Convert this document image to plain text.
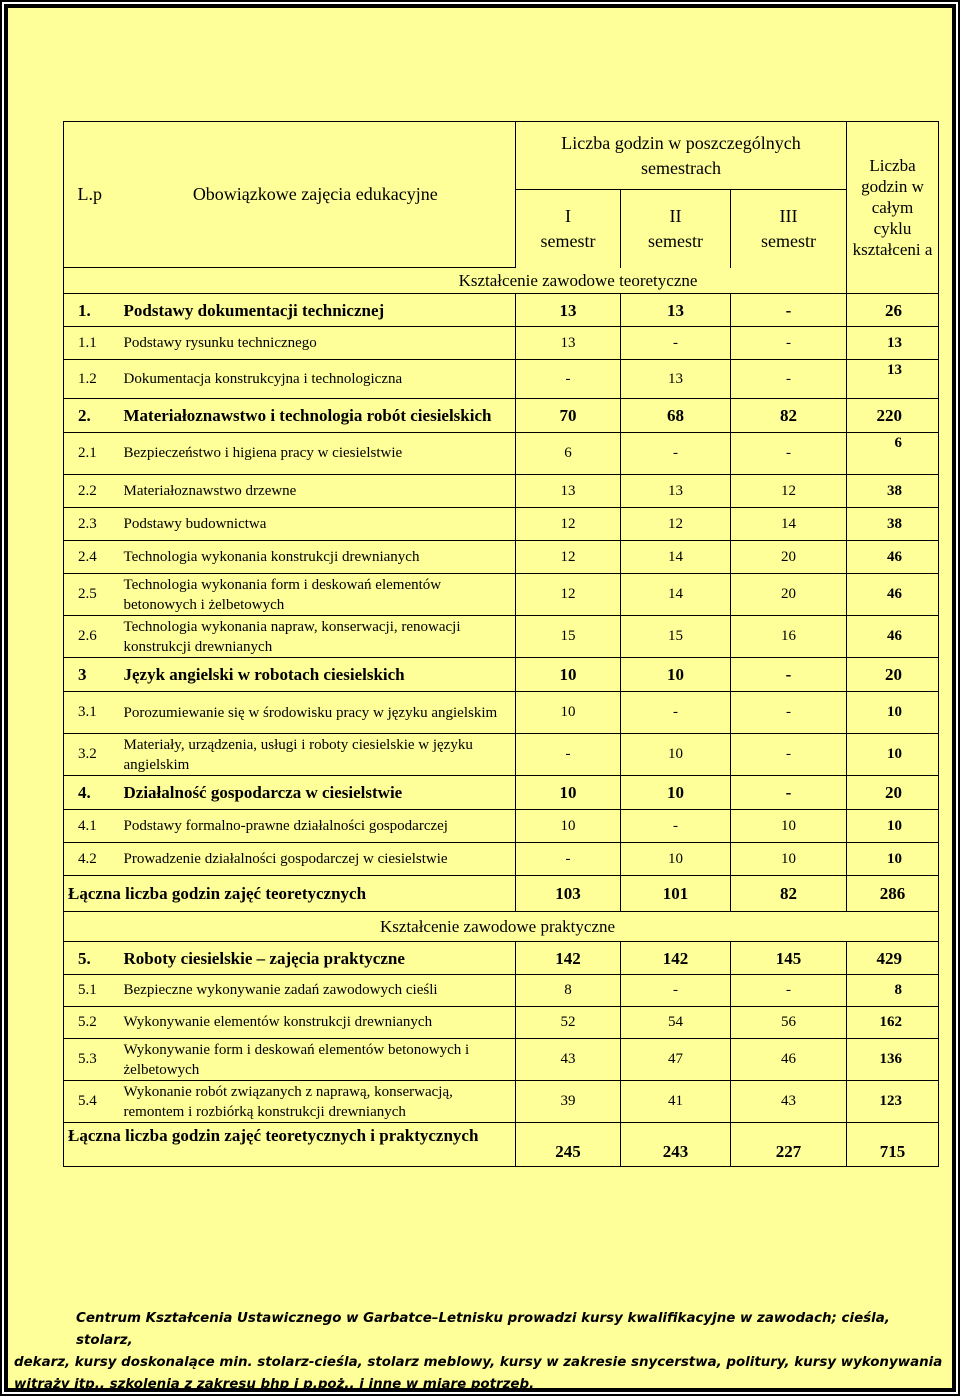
L.p	Obowiązkowe zajęcia edukacyjne	Liczba godzin w poszczególnych semestrach			Liczba godzin w całym cyklu kształceni a
		I semestr	II semestr	III semestr	
Kształcenie zawodowe teoretyczne					
1.	Podstawy dokumentacji technicznej	13	13	-	26
1.1	Podstawy rysunku technicznego	13	-	-	13
1.2	Dokumentacja konstrukcyjna i technologiczna	-	13	-	13
2.	Materiałoznawstwo i technologia robót ciesielskich	70	68	82	220
2.1	Bezpieczeństwo i higiena pracy w ciesielstwie	6	-	-	6
2.2	Materiałoznawstwo drzewne	13	13	12	38
2.3	Podstawy budownictwa	12	12	14	38
2.4	Technologia wykonania konstrukcji drewnianych	12	14	20	46
2.5	Technologia wykonania form i deskowań elementów betonowych i żelbetowych	12	14	20	46
2.6	Technologia wykonania napraw, konserwacji, renowacji konstrukcji drewnianych	15	15	16	46
3	Język angielski w robotach ciesielskich	10	10	-	20
3.1	Porozumiewanie się w środowisku pracy w języku angielskim	10	-	-	10
3.2	Materiały, urządzenia, usługi i roboty ciesielskie w języku angielskim	-	10	-	10
4.	Działalność gospodarcza w ciesielstwie	10	10	-	20
4.1	Podstawy formalno-prawne działalności gospodarczej	10	-	10	10
4.2	Prowadzenie działalności gospodarczej w ciesielstwie	-	10	10	10
Łączna liczba godzin zajęć teoretycznych		103	101	82	286
Kształcenie zawodowe praktyczne					
5.	Roboty ciesielskie – zajęcia praktyczne	142	142	145	429
5.1	Bezpieczne wykonywanie zadań zawodowych cieśli	8	-	-	8
5.2	Wykonywanie elementów konstrukcji drewnianych	52	54	56	162
5.3	Wykonywanie form i deskowań elementów betonowych i żelbetowych	43	47	46	136
5.4	Wykonanie robót związanych z naprawą, konserwacją, remontem i rozbiórką konstrukcji drewnianych	39	41	43	123
Łączna liczba godzin zajęć teoretycznych i praktycznych		245	243	227	715
Centrum Kształcenia Ustawicznego w Garbatce–Letnisku prowadzi kursy kwalifikacyjne w zawodach; cieśla, stolarz,
dekarz, kursy doskonalące min. stolarz-cieśla, stolarz meblowy, kursy w zakresie snycerstwa, politury, kursy wykonywania
witraży itp., szkolenia z zakresu bhp i p.poż.. i inne w miarę potrzeb.
